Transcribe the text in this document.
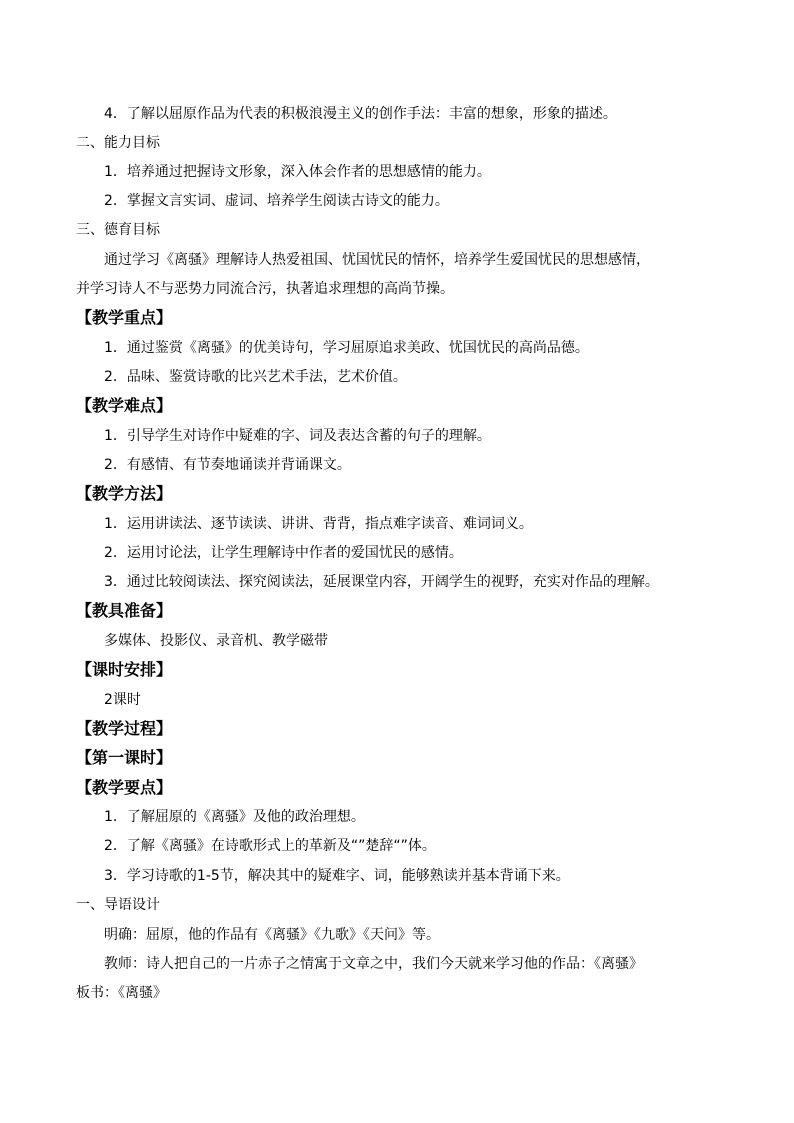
4．了解以屈原作品为代表的积极浪漫主义的创作手法：丰富的想象，形象的描述。
二、能力目标
1．培养通过把握诗文形象，深入体会作者的思想感情的能力。
2．掌握文言实词、虚词、培养学生阅读古诗文的能力。
三、德育目标
通过学习《离骚》理解诗人热爱祖国、忧国忧民的情怀，培养学生爱国忧民的思想感情，
并学习诗人不与恶势力同流合污，执著追求理想的高尚节操。
【教学重点】
1．通过鉴赏《离骚》的优美诗句，学习屈原追求美政、忧国忧民的高尚品德。
2．品味、鉴赏诗歌的比兴艺术手法，艺术价值。
【教学难点】
1．引导学生对诗作中疑难的字、词及表达含蓄的句子的理解。
2．有感情、有节奏地诵读并背诵课文。
【教学方法】
1．运用讲读法、逐节读读、讲讲、背背，指点难字读音、难词词义。
2．运用讨论法，让学生理解诗中作者的爱国忧民的感情。
3．通过比较阅读法、探究阅读法，延展课堂内容，开阔学生的视野，充实对作品的理解。
【教具准备】
多媒体、投影仪、录音机、教学磁带
【课时安排】
2课时
【教学过程】
【第一课时】
【教学要点】
1．了解屈原的《离骚》及他的政治理想。
2．了解《离骚》在诗歌形式上的革新及“”楚辞“”体。
3．学习诗歌的1-5节，解决其中的疑难字、词，能够熟读并基本背诵下来。
一、导语设计
明确：屈原，他的作品有《离骚》《九歌》《天问》等。
教师：诗人把自己的一片赤子之情寓于文章之中，我们今天就来学习他的作品：《离骚》
板书：《离骚》
